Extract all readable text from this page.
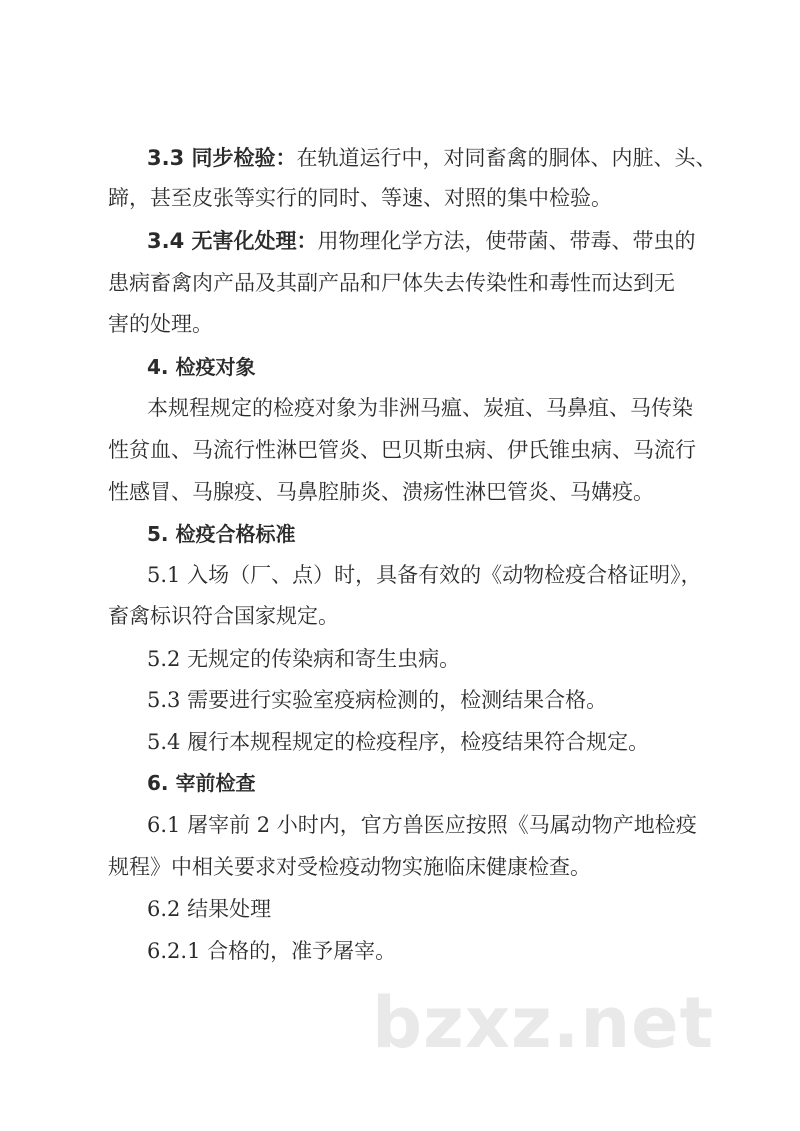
3.3 同步检验：在轨道运行中，对同畜禽的胴体、内脏、头、
蹄，甚至皮张等实行的同时、等速、对照的集中检验。
3.4 无害化处理：用物理化学方法，使带菌、带毒、带虫的
患病畜禽肉产品及其副产品和尸体失去传染性和毒性而达到无
害的处理。
4. 检疫对象
本规程规定的检疫对象为非洲马瘟、炭疽、马鼻疽、马传染
性贫血、马流行性淋巴管炎、巴贝斯虫病、伊氏锥虫病、马流行
性感冒、马腺疫、马鼻腔肺炎、溃疡性淋巴管炎、马媾疫。
5. 检疫合格标准
5.1 入场（厂、点）时，具备有效的《动物检疫合格证明》，
畜禽标识符合国家规定。
5.2 无规定的传染病和寄生虫病。
5.3 需要进行实验室疫病检测的，检测结果合格。
5.4 履行本规程规定的检疫程序，检疫结果符合规定。
6. 宰前检查
6.1 屠宰前 2 小时内，官方兽医应按照《马属动物产地检疫
规程》中相关要求对受检疫动物实施临床健康检查。
6.2 结果处理
6.2.1 合格的，准予屠宰。
bzxz.net
